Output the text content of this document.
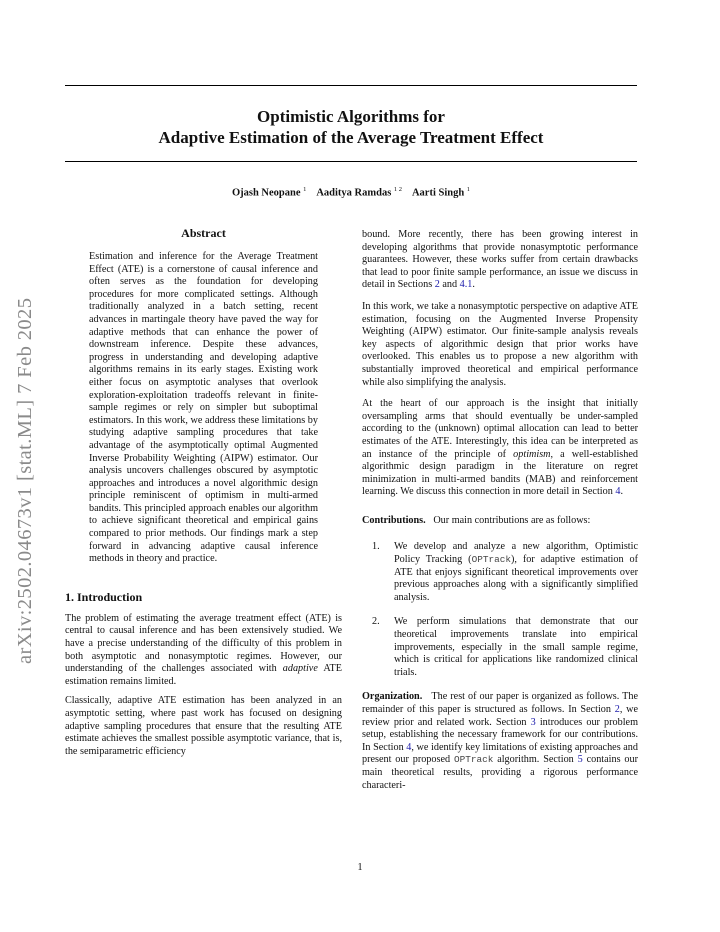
Optimistic Algorithms for
Adaptive Estimation of the Average Treatment Effect
Ojash Neopane $^1$ Aaditya Ramdas $^{1 2}$ Aarti Singh $^1$
arXiv:2502.04673v1 [stat.ML] 7 Feb 2025
Abstract
Estimation and inference for the Average Treatment Effect (ATE) is a cornerstone of causal inference and often serves as the foundation for developing procedures for more complicated settings. Although traditionally analyzed in a batch setting, recent advances in martingale theory have paved the way for adaptive methods that can enhance the power of downstream inference. Despite these advances, progress in understanding and developing adaptive algorithms remains in its early stages. Existing work either focus on asymptotic analyses that overlook exploration-exploitation tradeoffs relevant in finite-sample regimes or rely on simpler but suboptimal estimators. In this work, we address these limitations by studying adaptive sampling procedures that take advantage of the asymptotically optimal Augmented Inverse Probability Weighting (AIPW) estimator. Our analysis uncovers challenges obscured by asymptotic approaches and introduces a novel algorithmic design principle reminiscent of optimism in multi-armed bandits. This principled approach enables our algorithm to achieve significant theoretical and empirical gains compared to prior methods. Our findings mark a step forward in advancing adaptive causal inference methods in theory and practice.
1. Introduction

The problem of estimating the average treatment effect (ATE) is central to causal inference and has been extensively studied. We have a precise understanding of the difficulty of this problem in both asymptotic and nonasymptotic regimes. However, our understanding of the challenges associated with adaptive ATE estimation remains limited.

Classically, adaptive ATE estimation has been analyzed in an asymptotic setting, where past work has focused on designing adaptive sampling procedures that ensure that the resulting ATE estimate achieves the smallest possible asymptotic variance, that is, the semiparametric efficiency

bound. More recently, there has been growing interest in developing algorithms that provide nonasymptotic performance guarantees. However, these works suffer from certain drawbacks that lead to poor finite sample performance, an issue we discuss in detail in Sections 2 and 4.1.

In this work, we take a nonasymptotic perspective on adaptive ATE estimation, focusing on the Augmented Inverse Propensity Weighting (AIPW) estimator. Our finite-sample analysis reveals key aspects of algorithmic design that prior works have overlooked. This enables us to propose a new algorithm with substantially improved theoretical and empirical performance while also simplifying the analysis.

At the heart of our approach is the insight that initially oversampling arms that should eventually be under-sampled according to the (unknown) optimal allocation can lead to better estimates of the ATE. Interestingly, this idea can be interpreted as an instance of the principle of optimism, a well-established algorithmic design paradigm in the literature on regret minimization in multi-armed bandits (MAB) and reinforcement learning. We discuss this connection in more detail in Section 4.

Contributions. Our main contributions are as follows:

1. We develop and analyze a new algorithm, Optimistic Policy Tracking (OPTrack), for adaptive estimation of ATE that enjoys significant theoretical improvements over previous approaches along with a significantly simplified analysis.
2. We perform simulations that demonstrate that our theoretical improvements translate into empirical improvements, especially in the small sample regime, which is critical for applications like randomized clinical trials.

Organization. The rest of our paper is organized as follows. The remainder of this paper is structured as follows. In Section 2, we review prior and related work. Section 3 introduces our problem setup, establishing the necessary framework for our contributions. In Section 4, we identify key limitations of existing approaches and present our proposed OPTrack algorithm. Section 5 contains our main theoretical results, providing a rigorous performance characteri-

1
